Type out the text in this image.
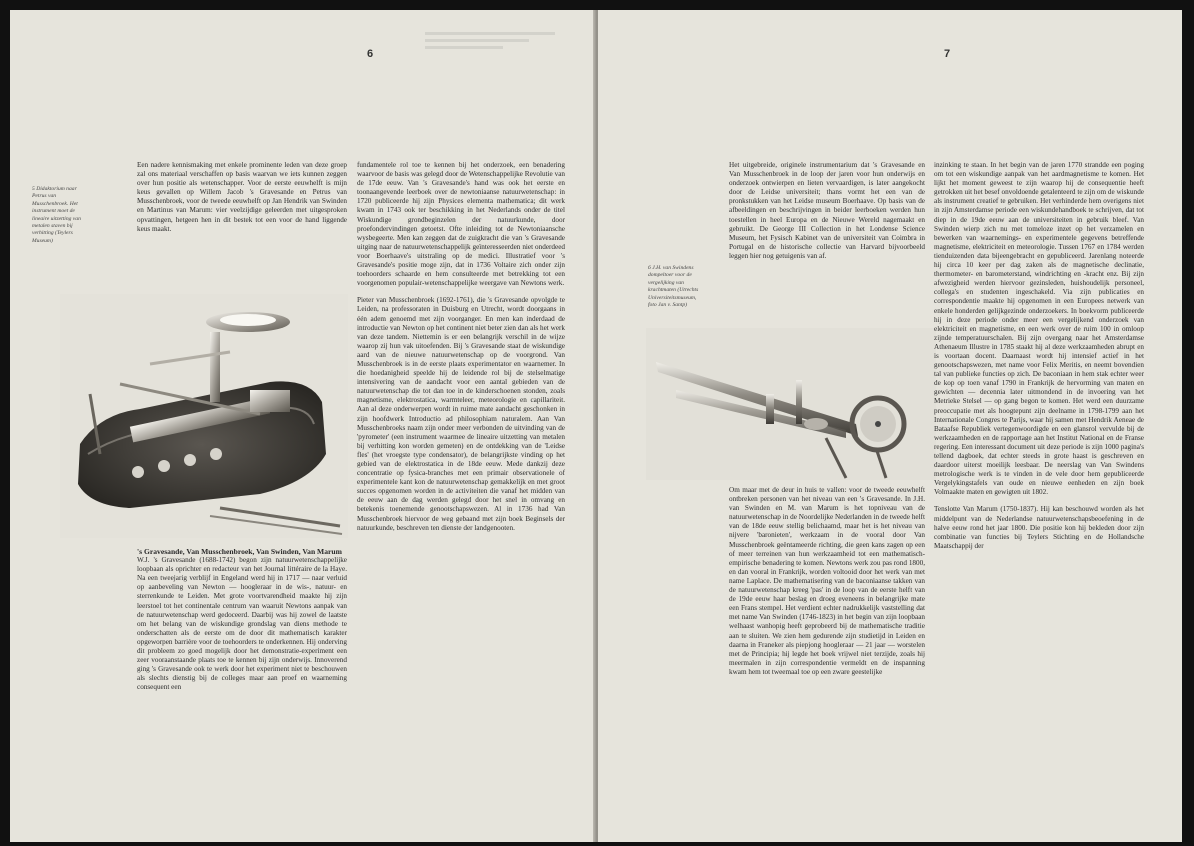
6
5 Didaktorium naar Petrus van Musschenbroek. Het instrument moet de lineaire uitzetting van metalen staven bij verhitting (Teylers Museum)

Een nadere kennismaking met enkele prominente leden van deze groep zal ons materiaal verschaffen op basis waarvan we iets kunnen zeggen over hun positie als wetenschapper. Voor de eerste eeuwhelft is mijn keus gevallen op Willem Jacob 's Gravesande en Petrus van Musschenbroek, voor de tweede eeuwhelft op Jan Hendrik van Swinden en Martinus van Marum: vier veelzijdige geleerden met uitgesproken opvattingen, hetgeen hen in dit bestek tot een voor de hand liggende keus maakt.

's Gravesande, Van Musschenbroek, Van Swinden, Van Marum

W.J. 's Gravesande (1688-1742) begon zijn natuurwetenschappelijke loopbaan als oprichter en redacteur van het Journal littéraire de la Haye. Na een tweejarig verblijf in Engeland werd hij in 1717 — naar verluid op aanbeveling van Newton — hoogleraar in de wis-, natuur- en sterrenkunde te Leiden. Met grote voortvarendheid maakte hij zijn leerstoel tot het continentale centrum van waaruit Newtons aanpak van de natuurwetenschap werd gedoceerd. Daarbij was hij zowel de laatste om het belang van de wiskundige grondslag van diens methode te onderschatten als de eerste om de door dit mathematisch karakter opgeworpen barrière voor de toehoorders te onderkennen. Hij onderving dit probleem zo goed mogelijk door het demonstratie-experiment een zeer vooraanstaande plaats toe te kennen bij zijn onderwijs. Innoverend ging 's Gravesande ook te werk door het experiment niet te beschouwen als slechts dienstig bij de colleges maar aan proef en waarneming consequent een

fundamentele rol toe te kennen bij het onderzoek, een benadering waarvoor de basis was gelegd door de Wetenschappelijke Revolutie van de 17de eeuw. Van 's Gravesande's hand was ook het eerste en toonaangevende leerboek over de newtoniaanse natuurwetenschap: in 1720 publiceerde hij zijn Physices elementa mathematica; dit werk kwam in 1743 ook ter beschikking in het Nederlands onder de titel Wiskundige grondbeginzelen der natuurkunde, door proefondervindingen getoetst. Ofte inleiding tot de Newtoniaansche wysbegeerte. Men kan zeggen dat de zuigkracht die van 's Gravesande uitging naar de natuurwetenschappelijk geïnteresseerden niet onderdeed voor Boerhaave's uitstraling op de medici. Illustratief voor 's Gravesande's positie moge zijn, dat in 1736 Voltaire zich onder zijn toehoorders schaarde en hem consulteerde met betrekking tot een voorgenomen populair-wetenschappelijke weergave van Newtons werk.

Pieter van Musschenbroek (1692-1761), die 's Gravesande opvolgde te Leiden, na professoraten in Duisburg en Utrecht, wordt doorgaans in één adem genoemd met zijn voorganger. En men kan inderdaad de introductie van Newton op het continent niet beter zien dan als het werk van deze tandem. Niettemin is er een belangrijk verschil in de wijze waarop zij hun vak uitoefenden. Bij 's Gravesande staat de wiskundige aard van de nieuwe natuurwetenschap op de voorgrond. Van Musschenbroek is in de eerste plaats experimentator en waarnemer. In die hoedanigheid speelde hij de leidende rol bij de stelselmatige intensivering van de aandacht voor een aantal gebieden van de natuurwetenschap die tot dan toe in de kinderschoenen stonden, zoals magnetisme, elektrostatica, warmteleer, meteorologie en capillariteit. Aan al deze onderwerpen wordt in ruime mate aandacht geschonken in zijn hoofdwerk Introductio ad philosophiam naturalem. Aan Van Musschenbroeks naam zijn onder meer verbonden de uitvinding van de 'pyrometer' (een instrument waarmee de lineaire uitzetting van metalen bij verhitting kon worden gemeten) en de ontdekking van de 'Leidse fles' (het vroegste type condensator), de belangrijkste vinding op het gebied van de elektrostatica in de 18de eeuw. Mede dankzij deze concentratie op fysica-branches met een primair observationele of experimentele kant kon de natuurwetenschap gemakkelijk en met groot succes opgenomen worden in de activiteiten die vanaf het midden van de eeuw aan de dag werden gelegd door het snel in omvang en betekenis toenemende genootschapswezen. Al in 1736 had Van Musschenbroek hiervoor de weg gebaand met zijn boek Beginsels der natuurkunde, beschreven ten dienste der landgenooten.

7
6 J.H. van Swindens dompeltoer voor de vergelijking van krachtmaten (Utrechts Universiteitsmuseum, foto Jan v. Santp)

Het uitgebreide, originele instrumentarium dat 's Gravesande en Van Musschenbroek in de loop der jaren voor hun onderwijs en onderzoek ontwierpen en lieten vervaardigen, is later aangekocht door de Leidse universiteit; thans vormt het een van de pronkstukken van het Leidse museum Boerhaave. Op basis van de afbeeldingen en beschrijvingen in beider leerboeken werden hun toestellen in heel Europa en de Nieuwe Wereld nagemaakt en gebruikt. De George III Collection in het Londense Science Museum, het Fysisch Kabinet van de universiteit van Coimbra in Portugal en de historische collectie van Harvard bijvoorbeeld leggen hier nog getuigenis van af.

Om maar met de deur in huis te vallen: voor de tweede eeuwhelft ontbreken personen van het niveau van een 's Gravesande. In J.H. van Swinden en M. van Marum is het topniveau van de natuurwetenschap in de Noordelijke Nederlanden in de tweede helft van de 18de eeuw stellig belichaamd, maar het is het niveau van nijvere 'baronieten', werkzaam in de vooral door Van Musschenbroek geëntameerde richting, die geen kans zagen op een of meer terreinen van hun werkzaamheid tot een mathematisch-empirische benadering te komen. Newtons werk zou pas rond 1800, en dan vooral in Frankrijk, worden voltooid door het werk van met name Laplace. De mathematisering van de baconiaanse takken van de natuurwetenschap kreeg 'pas' in de loop van de eerste helft van de 19de eeuw haar beslag en droeg eveneens in belangrijke mate een Frans stempel. Het verdient echter nadrukkelijk vaststelling dat met name Van Swinden (1746-1823) in het begin van zijn loopbaan welhaast wanhopig heeft geprobeerd bij de mathematische traditie aan te sluiten. We zien hem gedurende zijn studietijd in Leiden en daarna in Franeker als piepjong hoogleraar — 21 jaar — worstelen met de Principia; hij legde het boek vrijwel niet terzijde, zoals hij meermalen in zijn correspondentie vermeldt en de inspanning kwam hem tot tweemaal toe op een zware geestelijke

inzinking te staan. In het begin van de jaren 1770 strandde een poging om tot een wiskundige aanpak van het aardmagnetisme te komen. Het lijkt het moment geweest te zijn waarop hij de consequentie heeft getrokken uit het besef onvoldoende getalenteerd te zijn om de wiskunde als instrument creatief te gebruiken. Het verhinderde hem overigens niet in zijn Amsterdamse periode een wiskundehandboek te schrijven, dat tot diep in de 19de eeuw aan de universiteiten in gebruik bleef. Van Swinden wierp zich nu met tomeloze inzet op het verzamelen en bewerken van waarnemings- en experimentele gegevens betreffende magnetisme, elektriciteit en meteorologie. Tussen 1767 en 1784 werden tienduizenden data bijeengebracht en gepubliceerd. Jarenlang noteerde hij circa 10 keer per dag zaken als de magnetische declinatie, thermometer- en barometerstand, windrichting en -kracht enz. Bij zijn afwezigheid werden hiervoor gezinsleden, huishoudelijk personeel, collega's en studenten ingeschakeld. Via zijn publicaties en correspondentie maakte hij opgenomen in een Europees netwerk van enkele honderden gelijkgezinde onderzoekers. In boekvorm publiceerde hij in deze periode onder meer een vergelijkend onderzoek van elektriciteit en magnetisme, en een werk over de ruim 100 in omloop zijnde temperatuurschalen. Bij zijn overgang naar het Amsterdamse Athenaeum Illustre in 1785 staakt hij al deze werkzaamheden abrupt en is voortaan docent. Daarnaast wordt hij intensief actief in het genootschapswezen, met name voor Felix Meritis, en neemt bovendien tal van publieke functies op zich. De baconiaan in hem stak echter weer de kop op toen vanaf 1790 in Frankrijk de hervorming van maten en gewichten — decennia later uitmondend in de invoering van het Metrieke Stelsel — op gang begon te komen. Het werd een duurzame preoccupatie met als hoogtepunt zijn deelname in 1798-1799 aan het Internationale Congres te Parijs, waar hij samen met Hendrik Aeneae de Bataafse Republiek vertegenwoordigde en een glansrol vervulde bij de werkzaamheden en de rapportage aan het Institut National en de Franse regering. Een interessant document uit deze periode is zijn 1000 pagina's tellend dagboek, dat echter steeds in grote haast is geschreven en daardoor uiterst moeilijk leesbaar. De neerslag van Van Swindens metrologische werk is te vinden in de vele door hem gepubliceerde Vergelykingstafels van oude en nieuwe eenheden en zijn boek Volmaakte maten en gewigten uit 1802.

Tenslotte Van Marum (1750-1837). Hij kan beschouwd worden als het middelpunt van de Nederlandse natuurwetenschapsbeoefening in de halve eeuw rond het jaar 1800. Die positie kon hij bekleden door zijn combinatie van functies bij Teylers Stichting en de Hollandsche Maatschappij der
